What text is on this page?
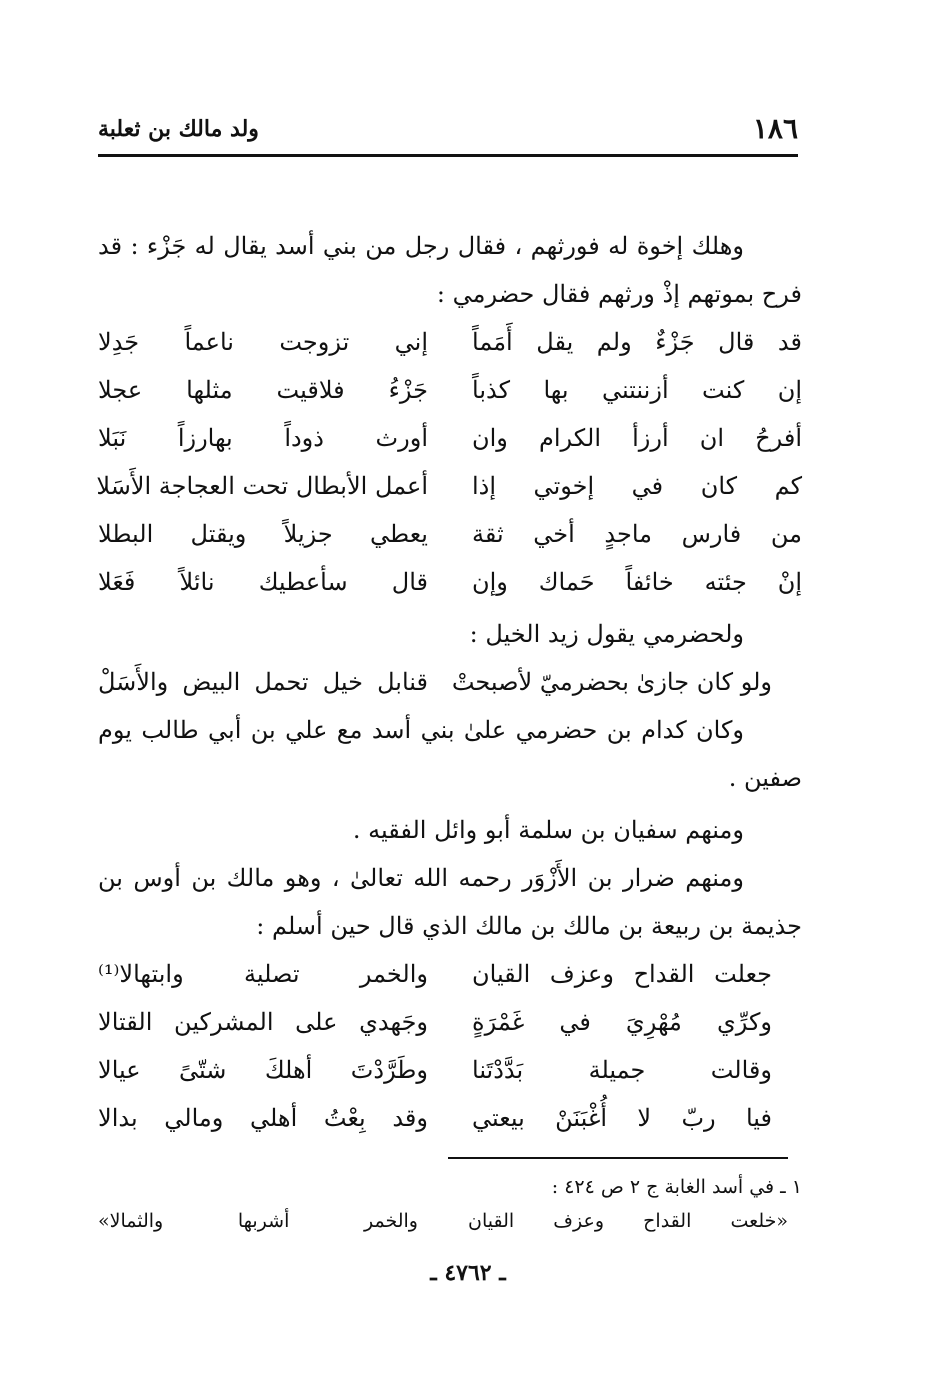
١٨٦
ولد مالك بن ثعلبة
وهلك إخوة له فورثهم ، فقال رجل من بني أسد يقال له جَزْء : قد
فرح بموتهم إذْ ورثهم فقال حضرمي :
قد قال جَزْءٌ ولم يقل أَمَماً
إني تزوجت ناعماً جَدِلا
إن كنت أزننتني بها كذباً
جَزْءُ فلاقيت مثلها عجلا
أفرحُ ان أرزأ الكرام وان
أورث ذوداً بهارزاً نَبَلا
كم كان في إخوتي إذا
أعمل الأبطال تحت العجاجة الأَسَلا
من فارس ماجدٍ أخي ثقة
يعطي جزيلاً ويقتل البطلا
إنْ جئته خائفاً حَماك وإن
قال سأعطيك نائلاً فَعَلا
ولحضرمي يقول زيد الخيل :
ولو كان جازىٰ بحضرميّ لأصبحتْ
قنابل خيل تحمل البيض والأَسَلْ
وكان كدام بن حضرمي علىٰ بني أسد مع علي بن أبي طالب يوم
صفين .
ومنهم سفيان بن سلمة أبو وائل الفقيه .
ومنهم ضرار بن الأَزْوَر رحمه الله تعالىٰ ، وهو مالك بن أوس بن
جذيمة بن ربيعة بن مالك بن مالك الذي قال حين أسلم :
جعلت القداح وعزف القيان
والخمر تصلية وابتهالا⁽¹⁾
وكرِّي مُهْرِيَ في غَمْرَةٍ
وجَهدي على المشركين القتالا
وقالت جميلة بَدَّدْتَنا
وطَرَّدْتَ أهلكَ شتّىً عيالا
فيا ربّ لا أُغْبَنَنْ بيعتي
وقد بِعْتُ أهلي ومالي بدالا
١ ـ في أسد الغابة ج ٢ ص ٤٢٤ :
«خلعت القداح وعزف القيان
والخمر أشربها والثمالا»
ـ ٤٧٦٢ ـ
